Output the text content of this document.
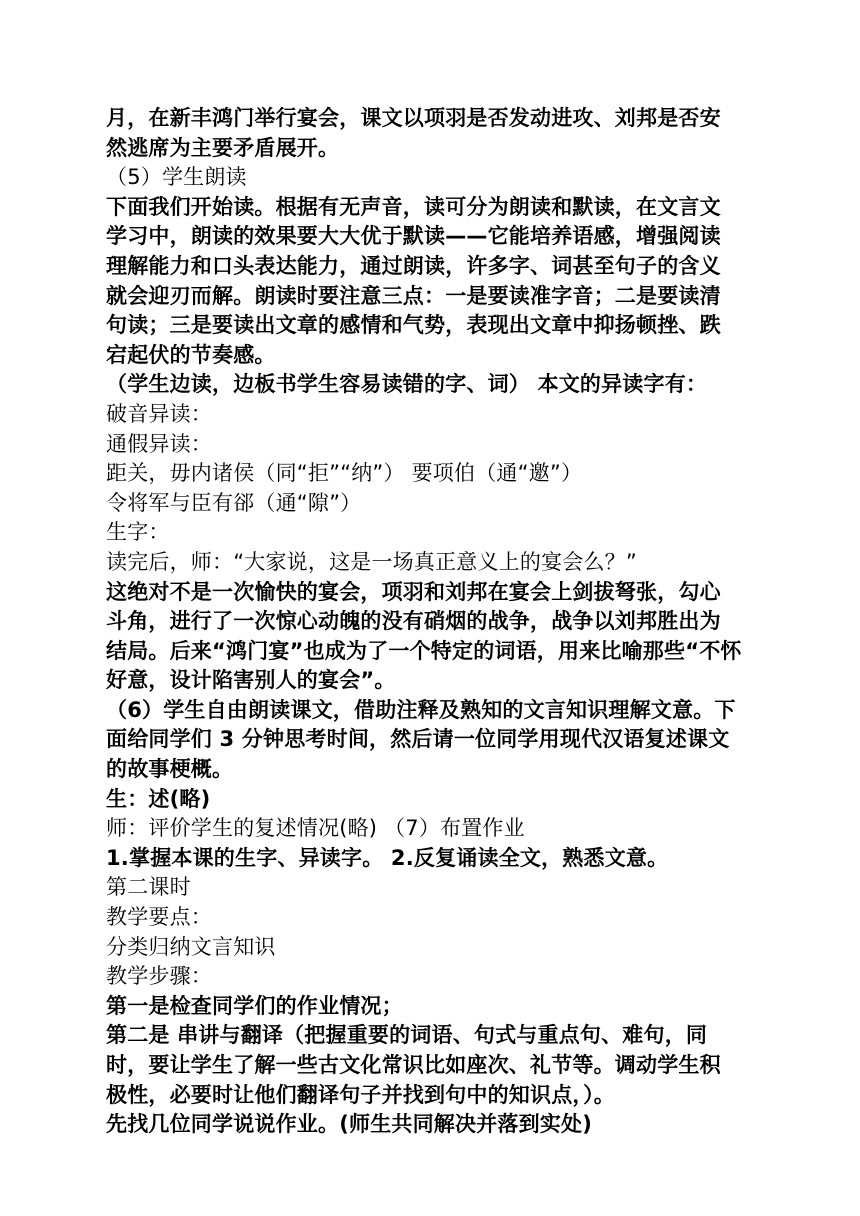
月，在新丰鸿门举行宴会，课文以项羽是否发动进攻、刘邦是否安
然逃席为主要矛盾展开。
（5）学生朗读
下面我们开始读。根据有无声音，读可分为朗读和默读，在文言文
学习中，朗读的效果要大大优于默读——它能培养语感，增强阅读
理解能力和口头表达能力，通过朗读，许多字、词甚至句子的含义
就会迎刃而解。朗读时要注意三点：一是要读准字音；二是要读清
句读；三是要读出文章的感情和气势，表现出文章中抑扬顿挫、跌
宕起伏的节奏感。
（学生边读，边板书学生容易读错的字、词） 本文的异读字有：
破音异读：
通假异读：
距关，毋内诸侯（同“拒”“纳”） 要项伯（通“邀”）
令将军与臣有郤（通“隙”）
生字：
读完后，师：“大家说，这是一场真正意义上的宴会么？”
这绝对不是一次愉快的宴会，项羽和刘邦在宴会上剑拔弩张，勾心
斗角，进行了一次惊心动魄的没有硝烟的战争，战争以刘邦胜出为
结局。后来“鸿门宴”也成为了一个特定的词语，用来比喻那些“不怀
好意，设计陷害别人的宴会”。
（6）学生自由朗读课文，借助注释及熟知的文言知识理解文意。下
面给同学们 3 分钟思考时间，然后请一位同学用现代汉语复述课文
的故事梗概。
生：述(略)
师：评价学生的复述情况(略) （7）布置作业
1.掌握本课的生字、异读字。 2.反复诵读全文，熟悉文意。
第二课时
教学要点：
分类归纳文言知识
教学步骤：
第一是检查同学们的作业情况；
第二是 串讲与翻译（把握重要的词语、句式与重点句、难句，同
时，要让学生了解一些古文化常识比如座次、礼节等。调动学生积
极性，必要时让他们翻译句子并找到句中的知识点，）。
先找几位同学说说作业。(师生共同解决并落到实处)
